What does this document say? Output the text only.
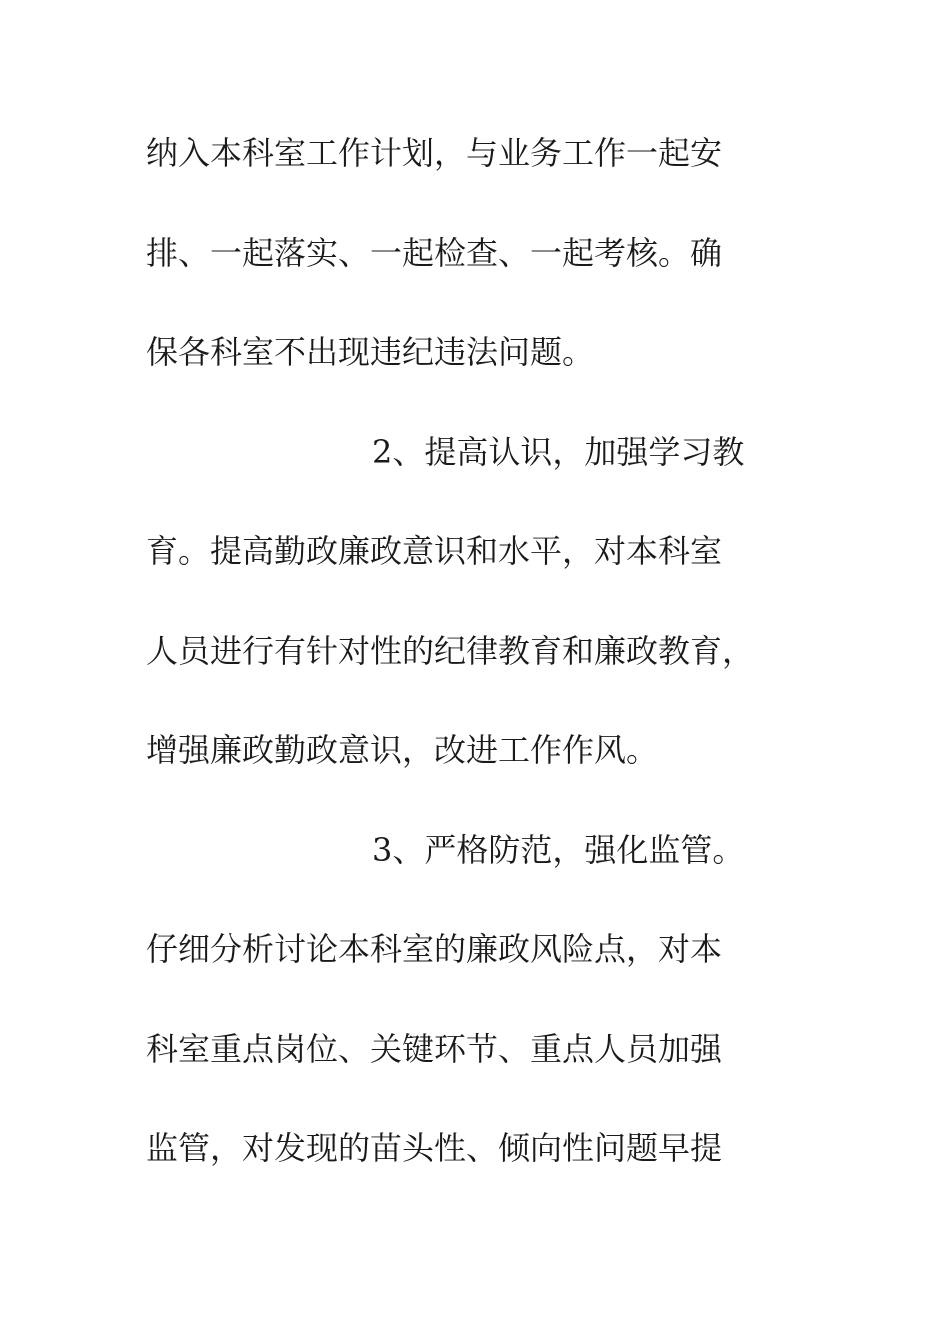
纳入本科室工作计划，与业务工作一起安
排、一起落实、一起检查、一起考核。确
保各科室不出现违纪违法问题。
2、提高认识，加强学习教
育。提高勤政廉政意识和水平，对本科室
人员进行有针对性的纪律教育和廉政教育，
增强廉政勤政意识，改进工作作风。
3、严格防范，强化监管。
仔细分析讨论本科室的廉政风险点，对本
科室重点岗位、关键环节、重点人员加强
监管，对发现的苗头性、倾向性问题早提
